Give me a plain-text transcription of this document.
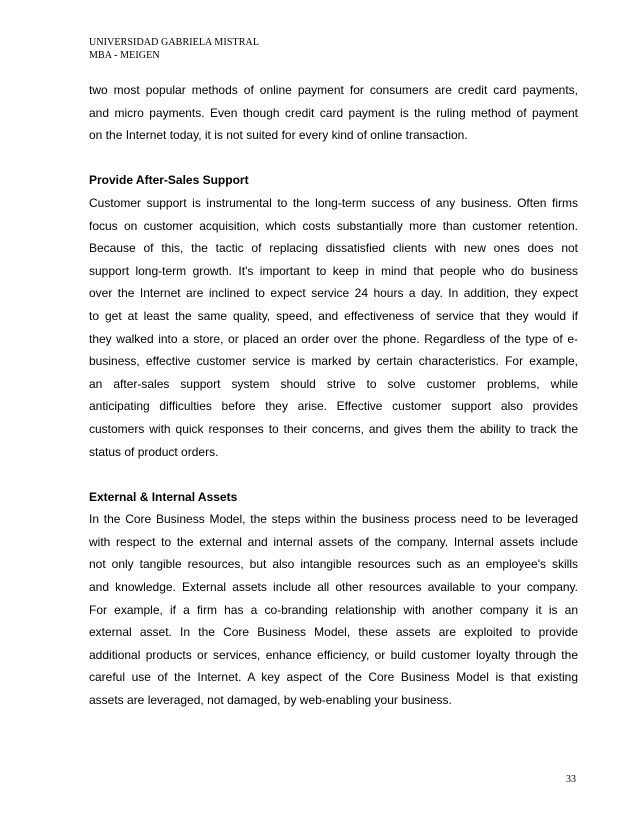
UNIVERSIDAD GABRIELA MISTRAL
MBA - MEIGEN
two most popular methods of online payment for consumers are credit card payments,
and micro payments. Even though credit card payment is the ruling method of payment
on the Internet today, it is not suited for every kind of online transaction.
Provide After-Sales Support
Customer support is instrumental to the long-term success of any business. Often firms
focus on customer acquisition, which costs substantially more than customer retention.
Because of this, the tactic of replacing dissatisfied clients with new ones does not
support long-term growth. It's important to keep in mind that people who do business
over the Internet are inclined to expect service 24 hours a day. In addition, they expect
to get at least the same quality, speed, and effectiveness of service that they would if
they walked into a store, or placed an order over the phone. Regardless of the type of e-
business, effective customer service is marked by certain characteristics. For example,
an after-sales support system should strive to solve customer problems, while
anticipating difficulties before they arise. Effective customer support also provides
customers with quick responses to their concerns, and gives them the ability to track the
status of product orders.
External & Internal Assets
In the Core Business Model, the steps within the business process need to be leveraged
with respect to the external and internal assets of the company. Internal assets include
not only tangible resources, but also intangible resources such as an employee's skills
and knowledge. External assets include all other resources available to your company.
For example, if a firm has a co-branding relationship with another company it is an
external asset. In the Core Business Model, these assets are exploited to provide
additional products or services, enhance efficiency, or build customer loyalty through the
careful use of the Internet. A key aspect of the Core Business Model is that existing
assets are leveraged, not damaged, by web-enabling your business.
33
